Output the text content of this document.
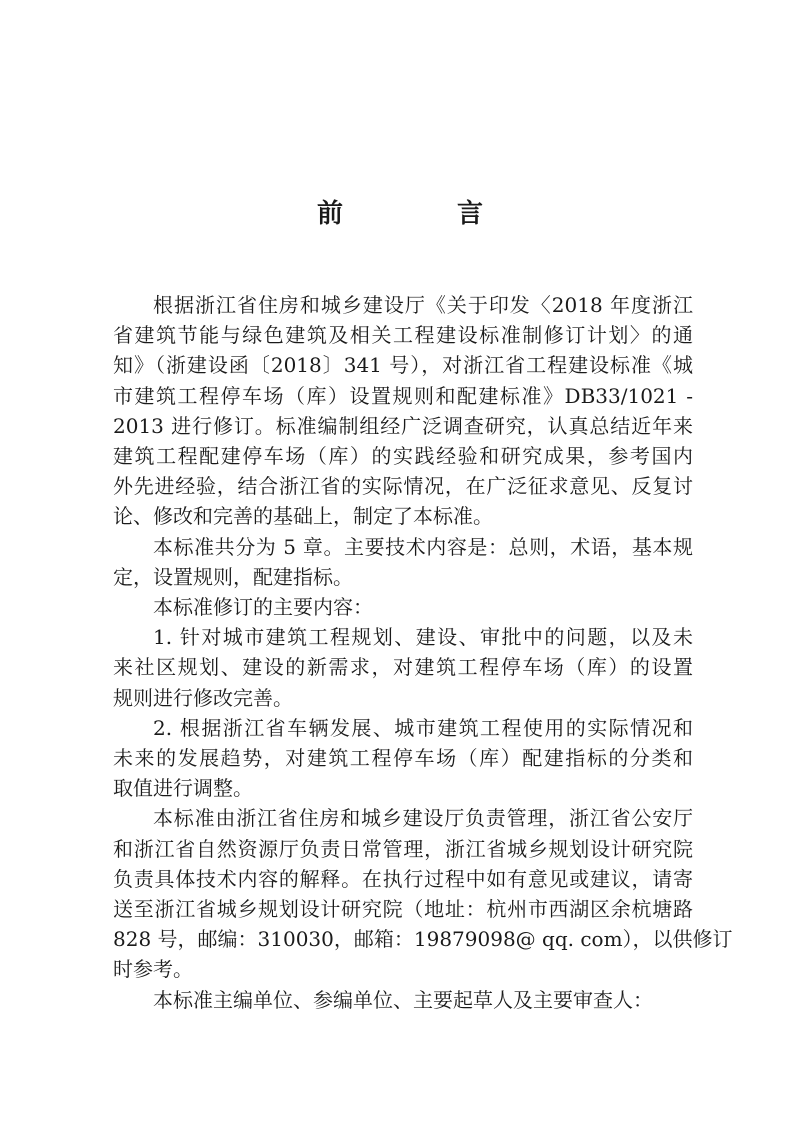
前　言

根据浙江省住房和城乡建设厅《关于印发〈2018 年度浙江
省建筑节能与绿色建筑及相关工程建设标准制修订计划〉的通
知》（浙建设函〔2018〕341 号），对浙江省工程建设标准《城
市建筑工程停车场（库）设置规则和配建标准》DB33/1021 -
2013 进行修订。标准编制组经广泛调查研究，认真总结近年来
建筑工程配建停车场（库）的实践经验和研究成果，参考国内
外先进经验，结合浙江省的实际情况，在广泛征求意见、反复讨
论、修改和完善的基础上，制定了本标准。

本标准共分为 5 章。主要技术内容是：总则，术语，基本规
定，设置规则，配建指标。

本标准修订的主要内容：

1. 针对城市建筑工程规划、建设、审批中的问题，以及未
来社区规划、建设的新需求，对建筑工程停车场（库）的设置
规则进行修改完善。

2. 根据浙江省车辆发展、城市建筑工程使用的实际情况和
未来的发展趋势，对建筑工程停车场（库）配建指标的分类和
取值进行调整。

本标准由浙江省住房和城乡建设厅负责管理，浙江省公安厅
和浙江省自然资源厅负责日常管理，浙江省城乡规划设计研究院
负责具体技术内容的解释。在执行过程中如有意见或建议，请寄
送至浙江省城乡规划设计研究院（地址：杭州市西湖区余杭塘路
828 号，邮编：310030，邮箱：19879098@ qq. com），以供修订
时参考。

本标准主编单位、参编单位、主要起草人及主要审查人：
